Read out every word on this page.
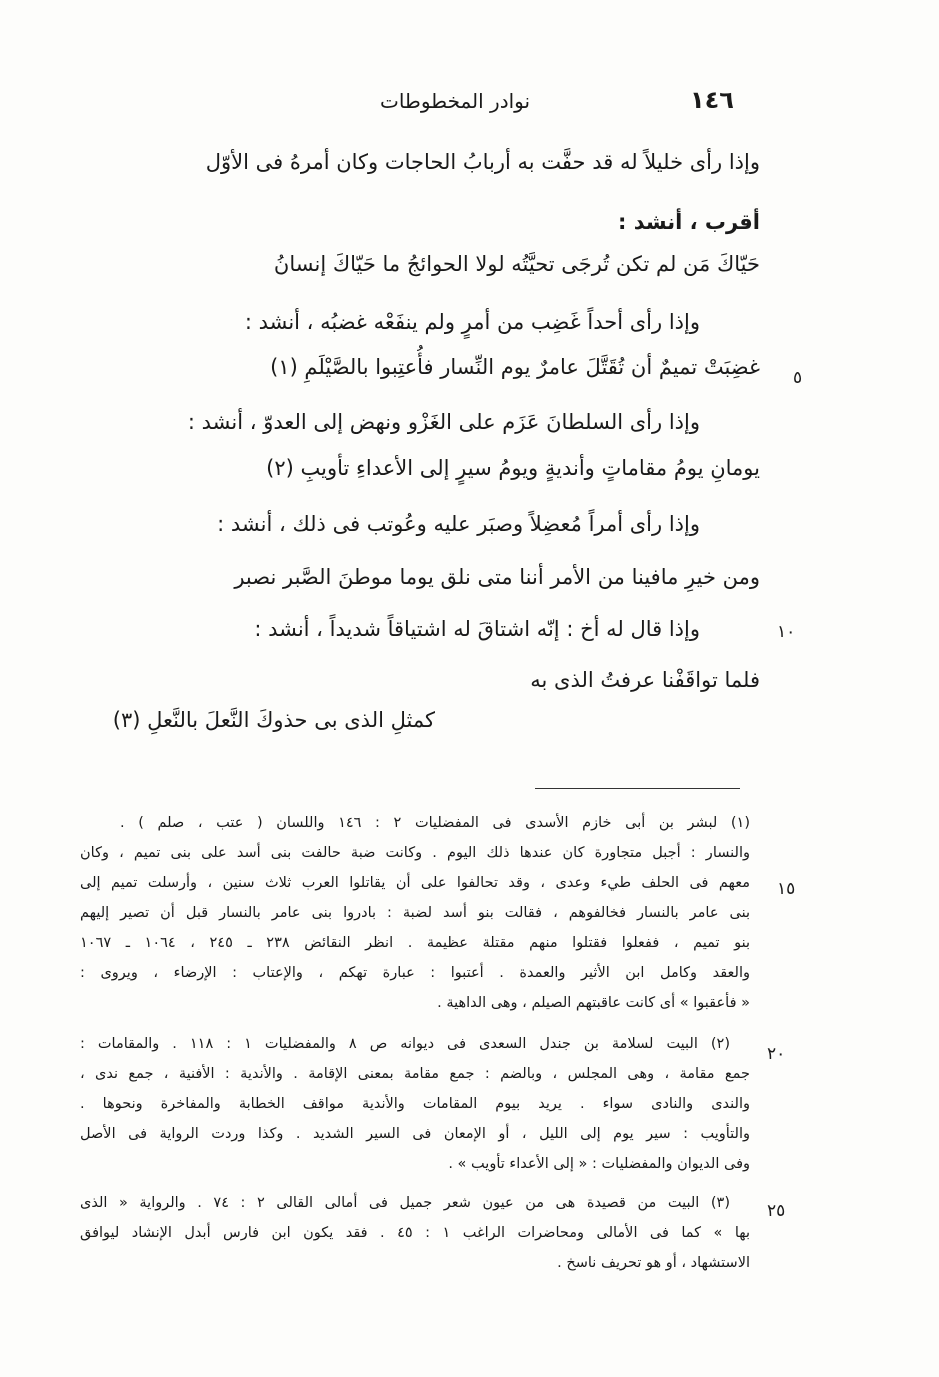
نوادر المخطوطات	١٤٦
وإذا رأى خليلاً له قد حفَّت به أربابُ الحاجات وكان أمرهُ فى الأوّل
أقرب ، أنشد :
حَيّاكَ مَن لم تكن تُرجَى تحيَّتُه لولا الحوائجُ ما حَيّاكَ إنسانُ
وإذا رأى أحداً غَضِب من أمرٍ ولم ينفَعْه غضبُه ، أنشد :
غضِبَتْ تميمٌ أن تُقَتَّلَ عامرٌ يوم النِّسار فأُعتِبوا بالصَّيْلَمِ (١)
وإذا رأى السلطانَ عَزَم على الغَزْو ونهض إلى العدوّ ، أنشد :
يومانِ يومُ مقاماتٍ وأنديةٍ ويومُ سيرٍ إلى الأعداءِ تأويبِ (٢)
وإذا رأى أمراً مُعضِلاً وصبَر عليه وعُوتب فى ذلك ، أنشد :
ومن خيرِ مافينا من الأمر أننا متى نلق يوما موطنَ الصَّبر نصبر
وإذا قال له أخ : إنّه اشتاقَ له اشتياقاً شديداً ، أنشد :
فلما تواقَفْنا عرفتُ الذى به
كمثلِ الذى بى حذوكَ النَّعلَ بالنَّعلِ (٣)
٥
١٠
١٥
٢٠
٢٥
(١) لبشر بن أبى خازم الأسدى فى المفضليات ٢ : ١٤٦ واللسان ( عتب ، صلم ) .
والنسار : أجبل متجاورة كان عندها ذلك اليوم . وكانت ضبة حالفت بنى أسد على بنى تميم ، وكان
معهم فى الحلف طيء وعدى ، وقد تحالفوا على أن يقاتلوا العرب ثلاث سنين ، وأرسلت تميم إلى
بنى عامر بالنسار فخالفوهم ، فقالت بنو أسد لضبة : بادروا بنى عامر بالنسار قبل أن تصير إليهم
بنو تميم ، ففعلوا فقتلوا منهم مقتلة عظيمة . انظر النقائض ٢٣٨ ـ ٢٤٥ ، ١٠٦٤ ـ ١٠٦٧
والعقد وكامل ابن الأثير والعمدة . أعتبوا : عبارة تهكم ، والإعتاب : الإرضاء ، ويروى :
« فأعقبوا » أى كانت عاقبتهم الصيلم ، وهى الداهية .
(٢) البيت لسلامة بن جندل السعدى فى ديوانه ص ٨ والمفضليات ١ : ١١٨ . والمقامات :
جمع مقامة ، وهى المجلس ، وبالضم : جمع مقامة بمعنى الإقامة . والأندية : الأفنية ، جمع ندى ،
والندى والنادى سواء . يريد بيوم المقامات والأندية مواقف الخطابة والمفاخرة ونحوها .
والتأويب : سير يوم إلى الليل ، أو الإمعان فى السير الشديد . وكذا وردت الرواية فى الأصل
وفى الديوان والمفضليات : « إلى الأعداء تأويب » .
(٣) البيت من قصيدة هى من عيون شعر جميل فى أمالى القالى ٢ : ٧٤ . والرواية « الذى
بها » كما فى الأمالى ومحاضرات الراغب ١ : ٤٥ . فقد يكون ابن فارس أبدل الإنشاد ليوافق
الاستشهاد ، أو هو تحريف ناسخ .
